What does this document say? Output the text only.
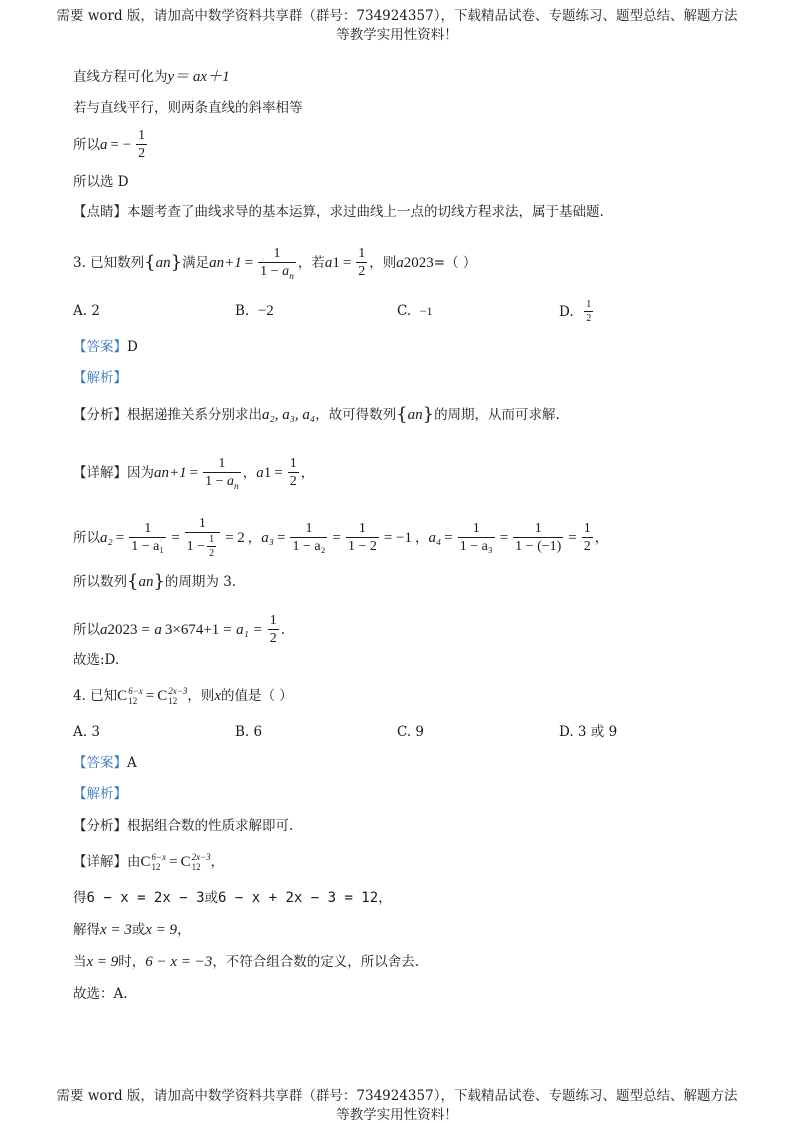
需要 word 版，请加高中数学资料共享群（群号：734924357），下载精品试卷、专题练习、题型总结、解题方法
等教学实用性资料！
直线方程可化为 y＝ ax＋1
若与直线平行，则两条直线的斜率相等
所以 a = − $\frac{1}{2}$
所以选 D
【点睛】 本题考查了曲线求导的基本运算，求过曲线上一点的切线方程求法，属于基础题.
3. 已知数列 { a n } 满足 a $n+1 = \frac{1}{1 - a_n}$ ，若 a $1 = \frac{1}{2}$ ，则 a 2023 =（ ）
A. 2	B.
−2	C.
−1	D.
$\frac{1}{2}$
【答案】 D
【解析】
【分析】 根据递推关系分别求出 a₂, a₃, a₄ ，故可得数列 { a n } 的周期，从而可求解.
【详解】 因为 a $n+1 = \frac{1}{1 - a_n}$ ， a $1 = \frac{1}{2}$ ，
所以 $a_2 = \frac{1}{\text{1 − a₁}} = \frac{1}{1 - \frac{1}{2}} = 2$ ， $a_3 = \frac{1}{\text{1 − a₂}} = \frac{1}{1 - 2} = -1$ ， $a_4 = \frac{1}{\text{1 − a₃}} = \frac{1}{1 - (-1)} = \frac{1}{2}$ ，
所以数列 { a n } 的周期为 3.
所以 a 2023 = a $3\times 674+1 = a_1 = \frac{1}{2}$ .
故选:D.
4. 已知 C 6−x
12 = C 2x−3
12 ，则 x 的值是（ ）
A. 3	B. 6	C. 9	D. 3 或 9
【答案】 A
【解析】
【分析】 根据组合数的性质求解即可.
【详解】 由 C 6−x
12 = C 2x−3
12 ，
得 6 − x = 2x − 3 或 6 − x + 2x − 3 = 12 ，
解得 x = 3 或 x = 9 ，
当 x = 9 时， 6 − x = −3 ，不符合组合数的定义，所以舍去.
故选：A.
需要 word 版，请加高中数学资料共享群（群号：734924357），下载精品试卷、专题练习、题型总结、解题方法
等教学实用性资料！
